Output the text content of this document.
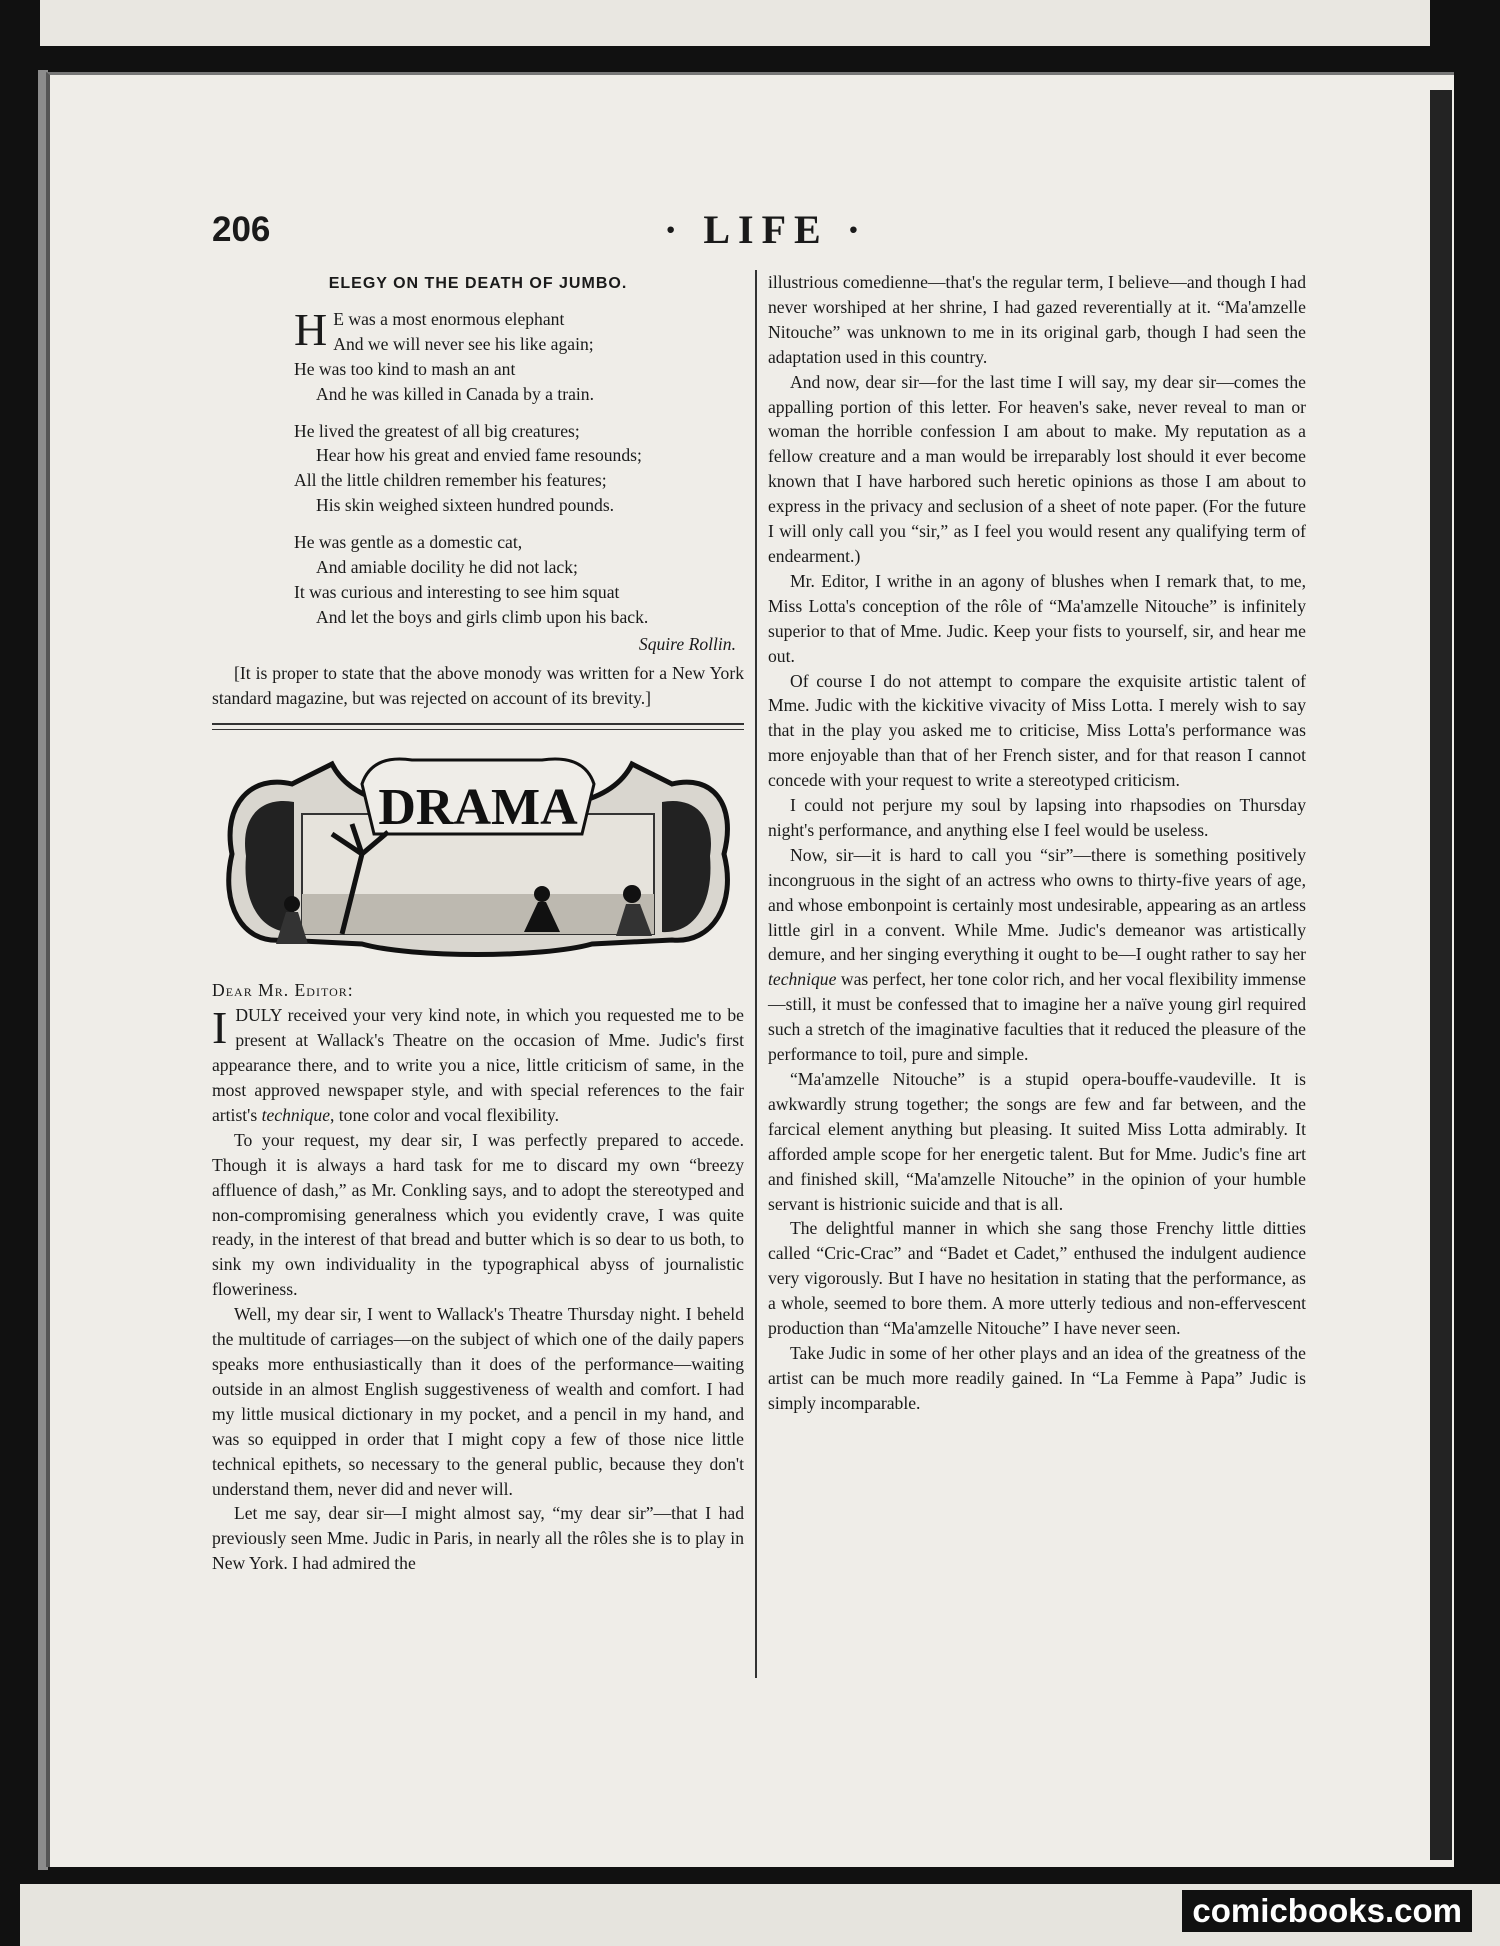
comicbooks.com
206	· LIFE ·
ELEGY ON THE DEATH OF JUMBO.
H E was a most enormous elephant
And we will never see his like again;
He was too kind to mash an ant
And he was killed in Canada by a train.
He lived the greatest of all big creatures;
Hear how his great and envied fame resounds;
All the little children remember his features;
His skin weighed sixteen hundred pounds.
He was gentle as a domestic cat,
And amiable docility he did not lack;
It was curious and interesting to see him squat
And let the boys and girls climb upon his back.
Squire Rollin.

[It is proper to state that the above monody was written for a New York standard magazine, but was rejected on account of its brevity.]

DRAMA
Dear Mr. Editor:

I DULY received your very kind note, in which you requested me to be present at Wallack's Theatre on the occasion of Mme. Judic's first appearance there, and to write you a nice, little criticism of same, in the most approved newspaper style, and with special references to the fair artist's technique, tone color and vocal flexibility.

To your request, my dear sir, I was perfectly prepared to accede. Though it is always a hard task for me to discard my own “breezy affluence of dash,” as Mr. Conkling says, and to adopt the stereotyped and non-compromising generalness which you evidently crave, I was quite ready, in the interest of that bread and butter which is so dear to us both, to sink my own individuality in the typographical abyss of journalistic floweriness.

Well, my dear sir, I went to Wallack's Theatre Thursday night. I beheld the multitude of carriages—on the subject of which one of the daily papers speaks more enthusiastically than it does of the performance—waiting outside in an almost English suggestiveness of wealth and comfort. I had my little musical dictionary in my pocket, and a pencil in my hand, and was so equipped in order that I might copy a few of those nice little technical epithets, so necessary to the general public, because they don't understand them, never did and never will.

Let me say, dear sir—I might almost say, “my dear sir”—that I had previously seen Mme. Judic in Paris, in nearly all the rôles she is to play in New York. I had admired the

illustrious comedienne—that's the regular term, I believe—and though I had never worshiped at her shrine, I had gazed reverentially at it. “Ma'amzelle Nitouche” was unknown to me in its original garb, though I had seen the adaptation used in this country.

And now, dear sir—for the last time I will say, my dear sir—comes the appalling portion of this letter. For heaven's sake, never reveal to man or woman the horrible confession I am about to make. My reputation as a fellow creature and a man would be irreparably lost should it ever become known that I have harbored such heretic opinions as those I am about to express in the privacy and seclusion of a sheet of note paper. (For the future I will only call you “sir,” as I feel you would resent any qualifying term of endearment.)

Mr. Editor, I writhe in an agony of blushes when I remark that, to me, Miss Lotta's conception of the rôle of “Ma'amzelle Nitouche” is infinitely superior to that of Mme. Judic. Keep your fists to yourself, sir, and hear me out.

Of course I do not attempt to compare the exquisite artistic talent of Mme. Judic with the kickitive vivacity of Miss Lotta. I merely wish to say that in the play you asked me to criticise, Miss Lotta's performance was more enjoyable than that of her French sister, and for that reason I cannot concede with your request to write a stereotyped criticism.

I could not perjure my soul by lapsing into rhapsodies on Thursday night's performance, and anything else I feel would be useless.

Now, sir—it is hard to call you “sir”—there is something positively incongruous in the sight of an actress who owns to thirty-five years of age, and whose embonpoint is certainly most undesirable, appearing as an artless little girl in a convent. While Mme. Judic's demeanor was artistically demure, and her singing everything it ought to be—I ought rather to say her technique was perfect, her tone color rich, and her vocal flexibility immense—still, it must be confessed that to imagine her a naïve young girl required such a stretch of the imaginative faculties that it reduced the pleasure of the performance to toil, pure and simple.

“Ma'amzelle Nitouche” is a stupid opera-bouffe-vaudeville. It is awkwardly strung together; the songs are few and far between, and the farcical element anything but pleasing. It suited Miss Lotta admirably. It afforded ample scope for her energetic talent. But for Mme. Judic's fine art and finished skill, “Ma'amzelle Nitouche” in the opinion of your humble servant is histrionic suicide and that is all.

The delightful manner in which she sang those Frenchy little ditties called “Cric-Crac” and “Badet et Cadet,” enthused the indulgent audience very vigorously. But I have no hesitation in stating that the performance, as a whole, seemed to bore them. A more utterly tedious and non-effervescent production than “Ma'amzelle Nitouche” I have never seen.

Take Judic in some of her other plays and an idea of the greatness of the artist can be much more readily gained. In “La Femme à Papa” Judic is simply incomparable.
